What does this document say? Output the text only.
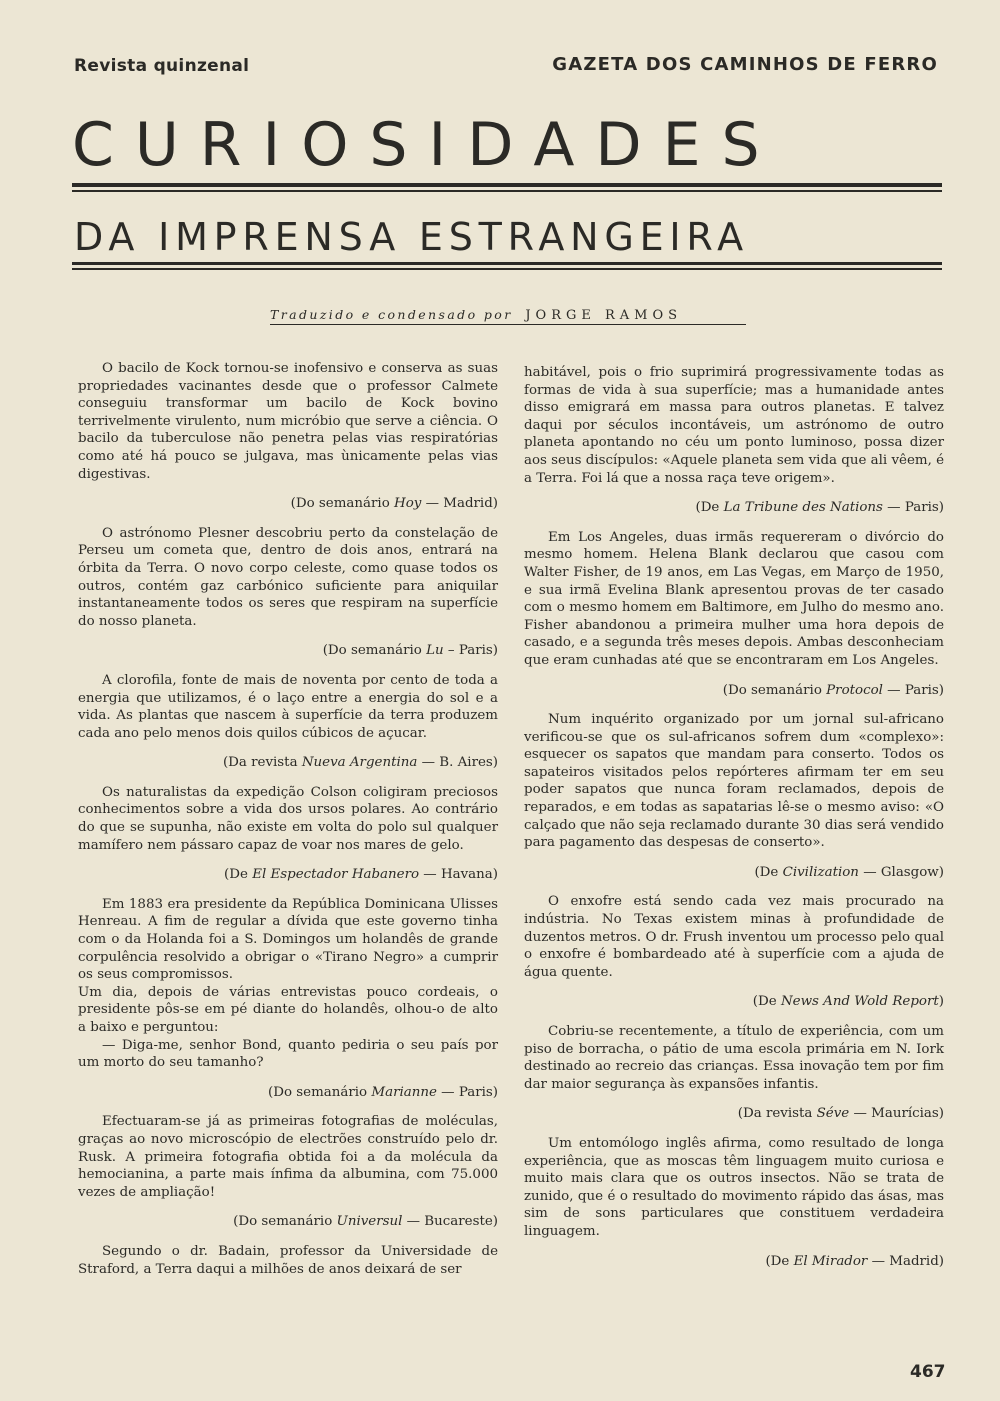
Revista quinzenal	GAZETA DOS CAMINHOS DE FERRO
CURIOSIDADES
DA IMPRENSA ESTRANGEIRA
Traduzido e condensado por JORGE RAMOS

O bacilo de Kock tornou-se inofensivo e conserva as suas propriedades vacinantes desde que o professor Calmete conseguiu transformar um bacilo de Kock bovino terrivelmente virulento, num micróbio que serve a ciência. O bacilo da tuberculose não penetra pelas vias respiratórias como até há pouco se julgava, mas ùnicamente pelas vias digestivas.

(Do semanário Hoy — Madrid)

O astrónomo Plesner descobriu perto da constelação de Perseu um cometa que, dentro de dois anos, entrará na órbita da Terra. O novo corpo celeste, como quase todos os outros, contém gaz carbónico suficiente para aniquilar instantaneamente todos os seres que respiram na superfície do nosso planeta.

(Do semanário Lu – Paris)

A clorofila, fonte de mais de noventa por cento de toda a energia que utilizamos, é o laço entre a energia do sol e a vida. As plantas que nascem à superfície da terra produzem cada ano pelo menos dois quilos cúbicos de açucar.

(Da revista Nueva Argentina — B. Aires)

Os naturalistas da expedição Colson coligiram preciosos conhecimentos sobre a vida dos ursos polares. Ao contrário do que se supunha, não existe em volta do polo sul qualquer mamífero nem pássaro capaz de voar nos mares de gelo.

(De El Espectador Habanero — Havana)

Em 1883 era presidente da República Dominicana Ulisses Henreau. A fim de regular a dívida que este governo tinha com o da Holanda foi a S. Domingos um holandês de grande corpulência resolvido a obrigar o «Tirano Negro» a cumprir os seus compromissos.

Um dia, depois de várias entrevistas pouco cordeais, o presidente pôs-se em pé diante do holandês, olhou-o de alto a baixo e perguntou:

— Diga-me, senhor Bond, quanto pediria o seu país por um morto do seu tamanho?

(Do semanário Marianne — Paris)

Efectuaram-se já as primeiras fotografias de moléculas, graças ao novo microscópio de electrões construído pelo dr. Rusk. A primeira fotografia obtida foi a da molécula da hemocianina, a parte mais ínfima da albumina, com 75.000 vezes de ampliação!

(Do semanário Universul — Bucareste)

Segundo o dr. Badain, professor da Universidade de Straford, a Terra daqui a milhões de anos deixará de ser

habitável, pois o frio suprimirá progressivamente todas as formas de vida à sua superfície; mas a humanidade antes disso emigrará em massa para outros planetas. E talvez daqui por séculos incontáveis, um astrónomo de outro planeta apontando no céu um ponto luminoso, possa dizer aos seus discípulos: «Aquele planeta sem vida que ali vêem, é a Terra. Foi lá que a nossa raça teve origem».

(De La Tribune des Nations — Paris)

Em Los Angeles, duas irmãs requereram o divórcio do mesmo homem. Helena Blank declarou que casou com Walter Fisher, de 19 anos, em Las Vegas, em Março de 1950, e sua irmã Evelina Blank apresentou provas de ter casado com o mesmo homem em Baltimore, em Julho do mesmo ano. Fisher abandonou a primeira mulher uma hora depois de casado, e a segunda três meses depois. Ambas desconheciam que eram cunhadas até que se encontraram em Los Angeles.

(Do semanário Protocol — Paris)

Num inquérito organizado por um jornal sul-africano verificou-se que os sul-africanos sofrem dum «complexo»: esquecer os sapatos que mandam para conserto. Todos os sapateiros visitados pelos repórteres afirmam ter em seu poder sapatos que nunca foram reclamados, depois de reparados, e em todas as sapatarias lê-se o mesmo aviso: «O calçado que não seja reclamado durante 30 dias será vendido para pagamento das despesas de conserto».

(De Civilization — Glasgow)

O enxofre está sendo cada vez mais procurado na indústria. No Texas existem minas à profundidade de duzentos metros. O dr. Frush inventou um processo pelo qual o enxofre é bombardeado até à superfície com a ajuda de água quente.

(De News And Wold Report)

Cobriu-se recentemente, a título de experiência, com um piso de borracha, o pátio de uma escola primária em N. Iork destinado ao recreio das crianças. Essa inovação tem por fim dar maior segurança às expansões infantis.

(Da revista Séve — Maurícias)

Um entomólogo inglês afirma, como resultado de longa experiência, que as moscas têm linguagem muito curiosa e muito mais clara que os outros insectos. Não se trata de zunido, que é o resultado do movimento rápido das ásas, mas sim de sons particulares que constituem verdadeira linguagem.

(De El Mirador — Madrid)
467
